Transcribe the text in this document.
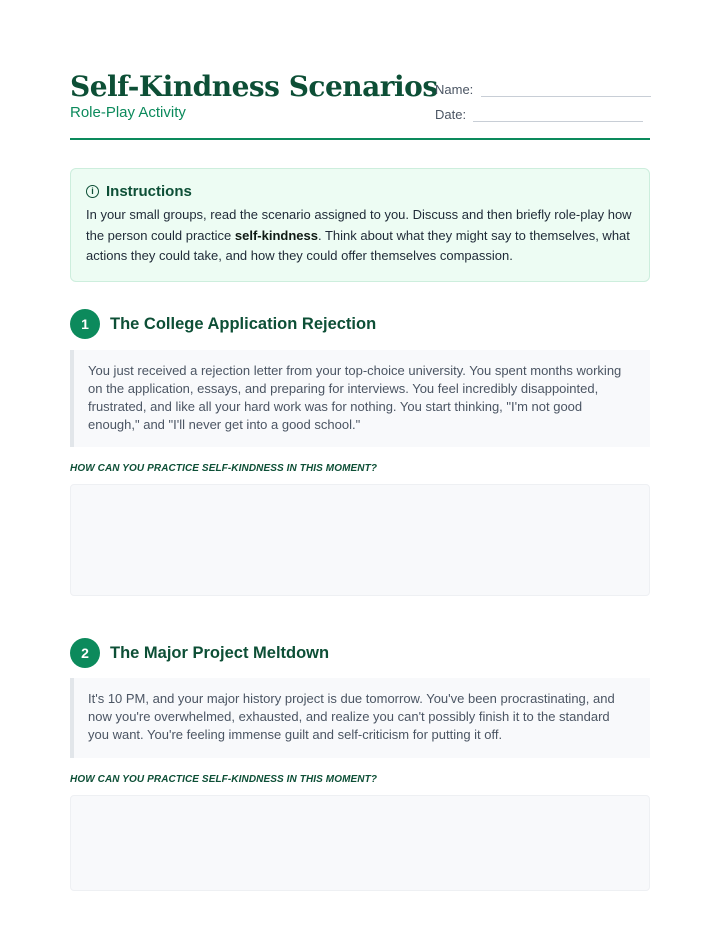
Self-Kindness Scenarios
Role-Play Activity
Name:
Date:
i Instructions

In your small groups, read the scenario assigned to you. Discuss and then briefly role-play how the person could practice self-kindness. Think about what they might say to themselves, what actions they could take, and how they could offer themselves compassion.

1	The College Application Rejection
You just received a rejection letter from your top-choice university. You spent months working on the application, essays, and preparing for interviews. You feel incredibly disappointed, frustrated, and like all your hard work was for nothing. You start thinking, "I'm not good enough," and "I'll never get into a good school."
HOW CAN YOU PRACTICE SELF-KINDNESS IN THIS MOMENT?
2	The Major Project Meltdown
It's 10 PM, and your major history project is due tomorrow. You've been procrastinating, and now you're overwhelmed, exhausted, and realize you can't possibly finish it to the standard you want. You're feeling immense guilt and self-criticism for putting it off.
HOW CAN YOU PRACTICE SELF-KINDNESS IN THIS MOMENT?
